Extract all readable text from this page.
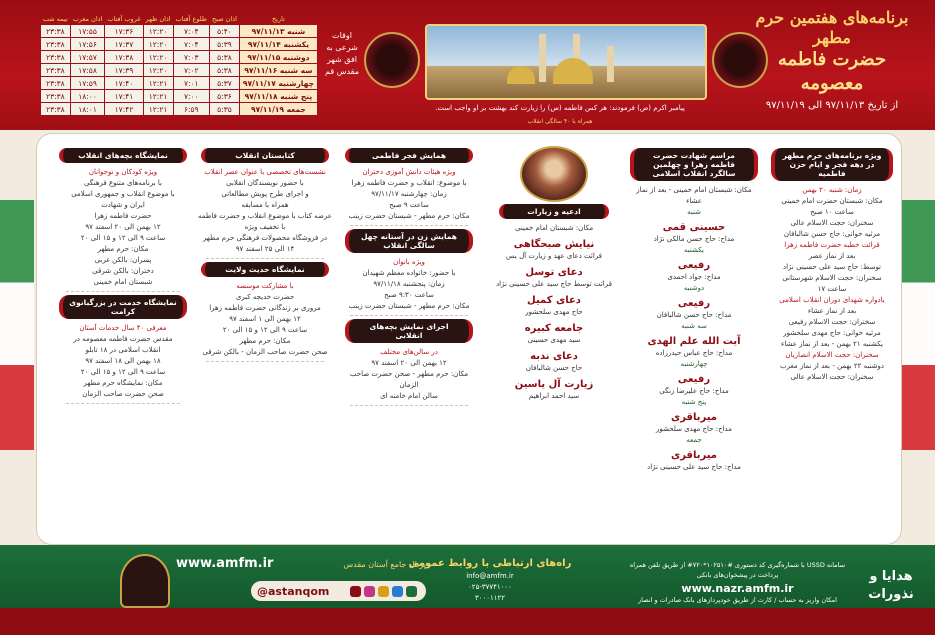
برنامه‌های هفتمین حرم مطهر
حضرت فاطمه معصومه
از تاریخ ۹۷/۱۱/۱۳ الی ۹۷/۱۱/۱۹
پیامبر اکرم (ص) فرمودند: هر کس فاطمه (س) را زیارت کند بهشت بر او واجب است.
همراه با ۴۰ سالگی انقلاب
اوقات شرعی به افق شهر مقدس قم
تاریخ	اذان صبح	طلوع آفتاب	اذان ظهر	غروب آفتاب	اذان مغرب	نیمه شب
شنبه ۹۷/۱۱/۱۳	۵:۴۰	۷:۰۴	۱۲:۲۰	۱۷:۳۶	۱۷:۵۵	۲۳:۳۸
یکشنبه ۹۷/۱۱/۱۴	۵:۳۹	۷:۰۴	۱۲:۲۰	۱۷:۳۷	۱۷:۵۶	۲۳:۳۸
دوشنبه ۹۷/۱۱/۱۵	۵:۳۸	۷:۰۳	۱۲:۲۰	۱۷:۳۸	۱۷:۵۷	۲۳:۳۸
سه شنبه ۹۷/۱۱/۱۶	۵:۳۸	۷:۰۲	۱۲:۲۰	۱۷:۳۹	۱۷:۵۸	۲۳:۳۸
چهارشنبه ۹۷/۱۱/۱۷	۵:۳۷	۷:۰۱	۱۲:۲۱	۱۷:۴۰	۱۷:۵۹	۲۳:۳۸
پنج شنبه ۹۷/۱۱/۱۸	۵:۳۶	۷:۰۰	۱۲:۲۱	۱۷:۴۱	۱۸:۰۰	۲۳:۳۸
جمعه ۹۷/۱۱/۱۹	۵:۳۵	۶:۵۹	۱۲:۲۱	۱۷:۴۲	۱۸:۰۱	۲۳:۳۸
ویژه برنامه‌های حرم مطهر در دهه فجر و ایام حزن فاطمیه
زمان: شنبه ۲۰ بهمن
مکان: شبستان حضرت امام خمینی
ساعت ۱۰ صبح
سخنران: حجت الاسلام عالی
مرثیه خوانی: حاج حسن شالبافان
قرائت خطبه حضرت فاطمه زهرا
بعد از نماز عصر
توسط: حاج سید علی حسینی نژاد
سخنران: حجت الاسلام شهرستانی
ساعت ۱۷
یادواره شهدای دوران انقلاب اسلامی
بعد از نماز عشاء
سخنران: حجت الاسلام رفیعی
مرثیه خوانی: حاج مهدی سلحشور
یکشنبه ۲۱ بهمن - بعد از نماز عشاء
سخنران: حجت الاسلام انصاریان
دوشنبه ۲۲ بهمن - بعد از نماز مغرب
سخنران: حجت الاسلام عالی
مراسم شهادت حضرت فاطمه زهرا و چهلمین سالگرد انقلاب اسلامی
مکان: شبستان امام خمینی - بعد از نماز عشاء
شنبه
حسینی قمی
مداح: حاج حسن مالکی نژاد
یکشنبه
رفیعی
مداح: جواد احمدی
دوشنبه
رفیعی
مداح: حاج حسن شالبافان
سه شنبه
آیت الله علم الهدی
مداح: حاج عباس حیدرزاده
چهارشنبه
رفیعی
مداح: حاج علیرضا زنگی
پنج شنبه
میرباقری
مداح: حاج مهدی سلحشور
جمعه
میرباقری
مداح: حاج سید علی حسینی نژاد
ادعیه و زیارات
مکان: شبستان امام خمینی
نیایش صبحگاهی
قرائت دعای عهد و زیارت آل یس
دعای توسل
قرائت توسط حاج سید علی حسینی نژاد
دعای کمیل
حاج مهدی سلحشور
جامعه کبیره
سید مهدی حسینی
دعای ندبه
حاج حسن شالبافان
زیارت آل یاسین
سید احمد ابراهیم
همایش فجر فاطمی
ویژه هیئات دانش آموزی دختران
با موضوع: انقلاب و حضرت فاطمه زهرا
زمان: چهارشنبه ۹۷/۱۱/۱۷
ساعت ۹ صبح
مکان: حرم مطهر - شبستان حضرت زینب
همایش زن در آستانه چهل سالگی انقلاب
ویژه بانوان
با حضور: خانواده معظم شهیدان
زمان: پنجشنبه ۹۷/۱۱/۱۸
ساعت ۹:۳۰ صبح
مکان: حرم مطهر - شبستان حضرت زینب
اجرای نمایش بچه‌های انقلابی
در سالن‌های مختلف
۱۲ بهمن الی ۲۰ اسفند ۹۷
مکان: حرم مطهر - صحن حضرت صاحب الزمان
سالن امام خامنه ای
کتابستان انقلاب
نشست‌های تخصصی با عنوان عصر انقلاب
با حضور نویسندگان انقلابی
و اجرای طرح پویش مطالعاتی
همراه با مسابقه
عرضه کتاب با موضوع انقلاب و حضرت فاطمه
با تخفیف ویژه
در فروشگاه محصولات فرهنگی حرم مطهر
۱۴ الی ۲۵ اسفند ۹۷
نمایشگاه حدیث ولایت
با مشارکت موسسه
حضرت خدیجه کبری
مروری بر زندگانی حضرت فاطمه زهرا
۱۲ بهمن الی ۱ اسفند ۹۷
ساعت ۹ الی ۱۲ و ۱۵ الی ۲۰
مکان: حرم مطهر
صحن حضرت صاحب الزمان - بالکن شرقی
نمایشگاه بچه‌های انقلاب
ویژه کودکان و نوجوانان
با برنامه‌های متنوع فرهنگی
با موضوع انقلاب و جمهوری اسلامی
ایران و شهادت
حضرت فاطمه زهرا
۱۲ بهمن الی ۲۰ اسفند ۹۷
ساعت ۹ الی ۱۲ و ۱۵ الی ۲۰
مکان: حرم مطهر
پسران: بالکن غربی
دختران: بالکن شرقی
شبستان امام خمینی
نمایشگاه خدمت در بزرگبانوی کرامت
معرفی ۴۰ سال خدمات آستان
مقدس حضرت فاطمه معصومه در
انقلاب اسلامی در ۱۸ تابلو
۱۸ بهمن الی ۱۸ اسفند ۹۷
ساعت ۹ الی ۱۲ و ۱۵ الی ۲۰
مکان: نمایشگاه حرم مطهر
صحن حضرت صاحب الزمان
www.amfm.ir	پرتال جامع آستان مقدس
@astanqom
راه‌های ارتباطی با روابط عمومی
info@amfm.ir
۰۲۵-۳۷۷۴۱۰۰۰
۳۰۰۰۱۱۲۲
سامانه USSD با شماره‌گیری کد دستوری #۱۰۲۵۱۰*۷۲۰# از طریق تلفن همراه
پرداخت در پیشخوان‌های بانکی
www.nazr.amfm.ir
امکان واریز به حساب / کارت از طریق خودپردازهای بانک صادرات و انصار
هدایا و نذورات
